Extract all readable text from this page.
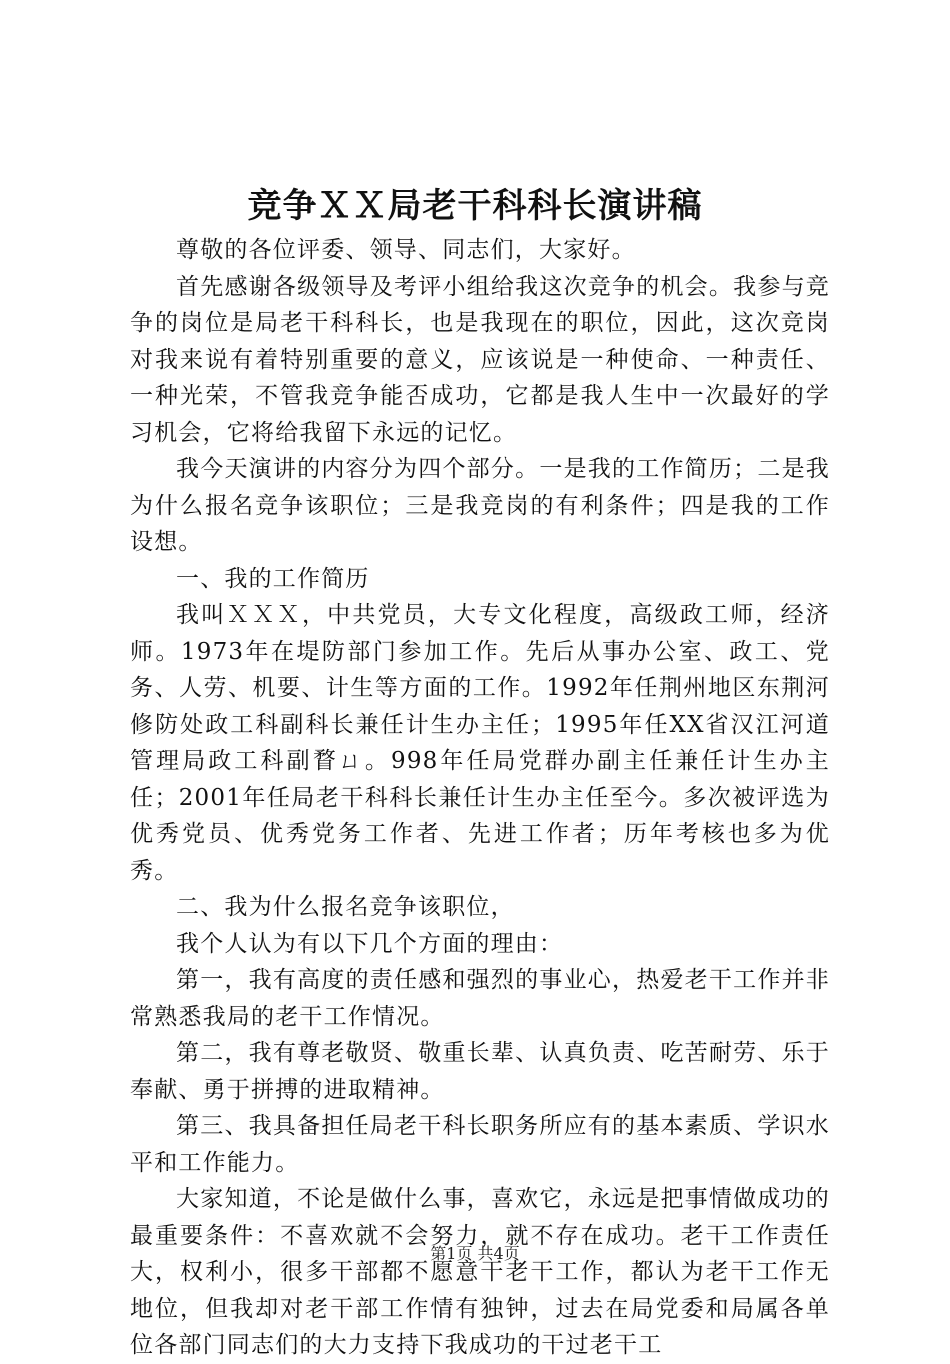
竞争ＸＸ局老干科科长演讲稿

尊敬的各位评委、领导、同志们，大家好。

首先感谢各级领导及考评小组给我这次竞争的机会。我参与竞争的岗位是局老干科科长，也是我现在的职位，因此，这次竞岗对我来说有着特别重要的意义，应该说是一种使命、一种责任、一种光荣，不管我竞争能否成功，它都是我人生中一次最好的学习机会，它将给我留下永远的记忆。

我今天演讲的内容分为四个部分。一是我的工作简历；二是我为什么报名竞争该职位；三是我竞岗的有利条件；四是我的工作设想。

一、我的工作简历

我叫ＸＸＸ，中共党员，大专文化程度，高级政工师，经济师。1973年在堤防部门参加工作。先后从事办公室、政工、党务、人劳、机要、计生等方面的工作。1992年任荆州地区东荆河修防处政工科副科长兼任计生办主任；1995年任XX省汉江河道管理局政工科副瞀ㄩ。998年任局党群办副主任兼任计生办主任；2001年任局老干科科长兼任计生办主任至今。多次被评选为优秀党员、优秀党务工作者、先进工作者；历年考核也多为优秀。

二、我为什么报名竞争该职位，

我个人认为有以下几个方面的理由：

第一，我有高度的责任感和强烈的事业心，热爱老干工作并非常熟悉我局的老干工作情况。

第二，我有尊老敬贤、敬重长辈、认真负责、吃苦耐劳、乐于奉献、勇于拼搏的进取精神。

第三、我具备担任局老干科长职务所应有的基本素质、学识水平和工作能力。

大家知道，不论是做什么事，喜欢它，永远是把事情做成功的最重要条件：不喜欢就不会努力，就不存在成功。老干工作责任大，权利小，很多干部都不愿意干老干工作，都认为老干工作无地位，但我却对老干部工作情有独钟，过去在局党委和局属各单位各部门同志们的大力支持下我成功的干过老干工

第1页 共4页
